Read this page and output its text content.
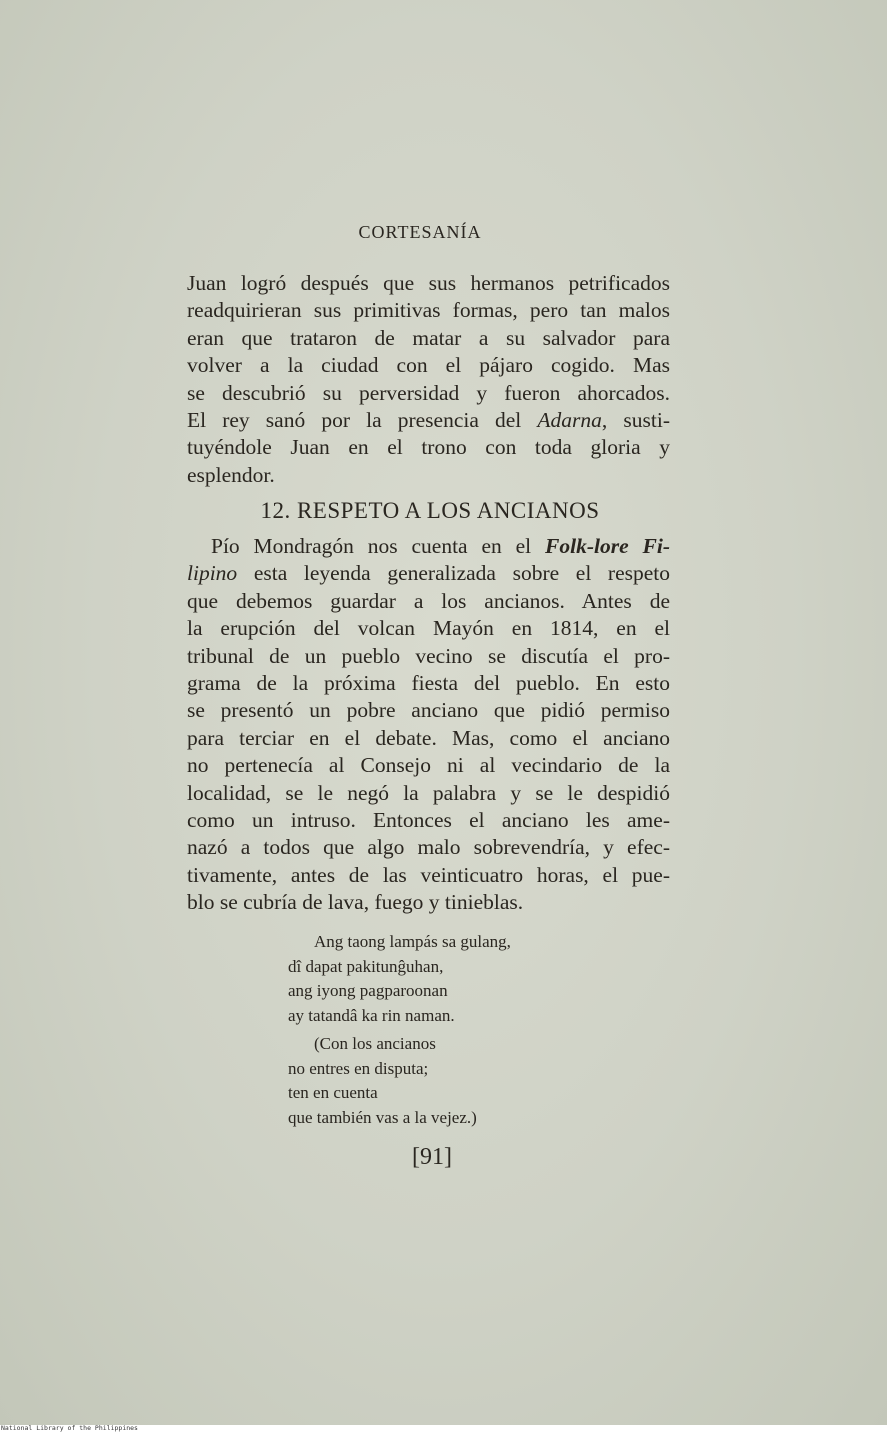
CORTESANÍA
Juan logró después que sus hermanos petrificados
readquirieran sus primitivas formas, pero tan malos
eran que trataron de matar a su salvador para
volver a la ciudad con el pájaro cogido. Mas
se descubrió su perversidad y fueron ahorcados.
El rey sanó por la presencia del Adarna, susti-
tuyéndole Juan en el trono con toda gloria y
esplendor.
12. RESPETO A LOS ANCIANOS
Pío Mondragón nos cuenta en el Folk-lore Fi-
lipino esta leyenda generalizada sobre el respeto
que debemos guardar a los ancianos. Antes de
la erupción del volcan Mayón en 1814, en el
tribunal de un pueblo vecino se discutía el pro-
grama de la próxima fiesta del pueblo. En esto
se presentó un pobre anciano que pidió permiso
para terciar en el debate. Mas, como el anciano
no pertenecía al Consejo ni al vecindario de la
localidad, se le negó la palabra y se le despidió
como un intruso. Entonces el anciano les ame-
nazó a todos que algo malo sobrevendría, y efec-
tivamente, antes de las veinticuatro horas, el pue-
blo se cubría de lava, fuego y tinieblas.
Ang taong lampás sa gulang,
dî dapat pakitunĝuhan,
ang iyong pagparoonan
ay tatandâ ka rin naman.
(Con los ancianos
no entres en disputa;
ten en cuenta
que también vas a la vejez.)
[91]
National Library of the Philippines
